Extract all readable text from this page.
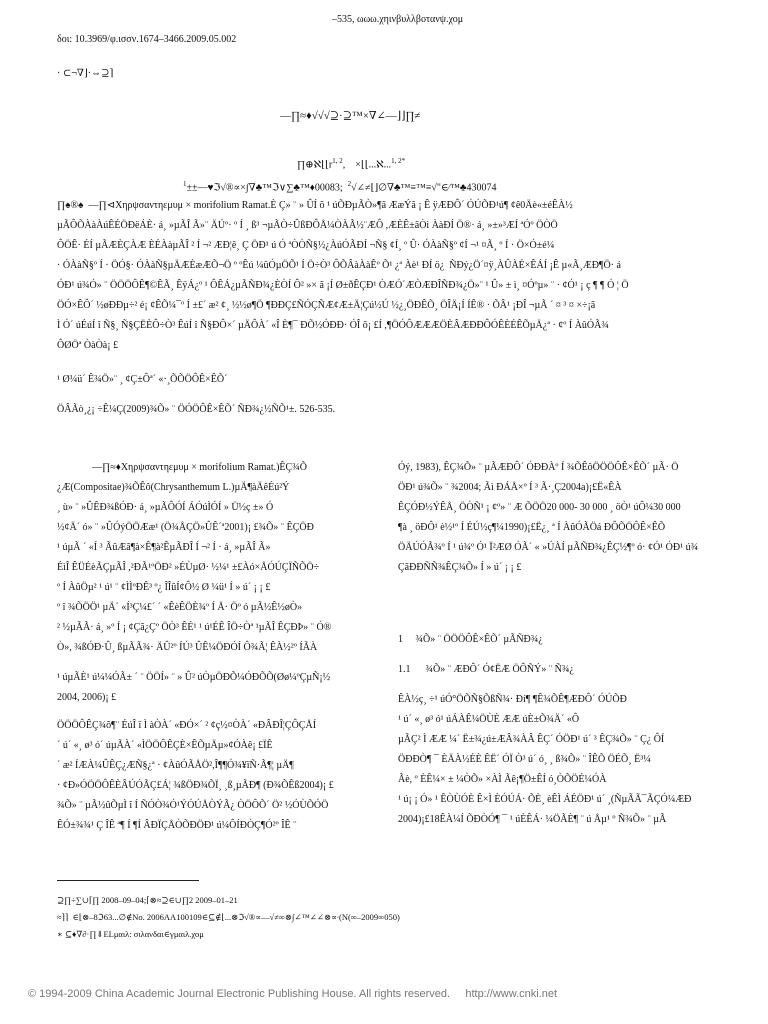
–535, ωωω.χηινβυλλβοτανψ.χομ
δοι: 10.3969/φ.ισσν.1674–3466.2009.05.002
· ⊂¬∇⌋·⇔⊇⌉
—∏≈♦√√√⊇·⊇™×∇∠—⌋⌋∏≠

$\prod\oplus ℵ⌊⌊r^{1, 2}$,    ×⌊⌊...ℵ...$^{1, 2*}$

$^1$±±—♥ℑ√®∝×∫∇♣™ℑ∨∑♣™♦00083; $^2$√∠≠⌊⌋∅∇♣™≡™≡√"∈⁄™♣430074

∏♠®♠  —∏⊲Χηρψσαντηεμυμ × morifolium Ramat.È Ç» ¨ » ÛÍ õ ¹ úÕÐµÃÒ»¶ã ÆæÝã ¡ Ê ÿÆÐÔ´ ÓÚÕÐ¹ú¶ ¢ê0Äè«±éÊÀ½
µÃÔÕÀàÀúÊÉÖÐëÁÈ· á¸ »µÃÎ Ã»¨ ÄÚº· º Í ¸ ß³ ¬µÃÒ÷ÛßÐÔÅ¼ÒÀÃ½¨ÆÔ ,ÆÈÊ±ãÒì ÀàÐÍ Ö®· á¸ »±»³ÆÍ ªÓº ÖÒÖ
ÔÖÊ· ÉÍ µÃÆÈÇÀÆ ÈÉÀàµÃÎ ² Í ¬² ÆÐ¦ê¸ Ç ÖÐ¹ ú Ó ªÒÒÑ§½¿ÀúÓÃÐÍ ¬Ñ§ ¢Í¸ º Û· ÓÀàÑ§º ¢Í ¬¹ ¤Ã¸ º Í · Ö×Ó±é¼
· ÓÀàÑ§º Í · ÖÓ§· ÓÀàÑ§µÄÆÈæÆÕ¬Ö º ºÊú ¼ûÓµÖÕ¹ Í Ö÷Ò³ ÔÕÂàÀàÊº Õ¹ ¿ª Àè¹ ÐÍ ö¿  ÑÐý¿Ö´¤ÿ¸ÀÛÀÉ×ÊÁÍ ¡Ê µ«Ã¸ÆÐ¶Ö· á
ÓÐ¹ ú¾Ó» ¨ ÖÖÖÔÊ¶©ÊÃ¸ ÊÿÁ¿º ¹ ÔÊÁ¿µÃÑÐ¾¿ÈÒÍ Ô² »× ã ¡Í Ø±ðÊÇÐ¹ ÒÆÓ´ÆÒÆÐÎÑÐ¾¿Ö»¨ ¹ Û» ± ì¸ ¤Óºµ» ¨ · ¢Ó¹ ¡ ç ¶ ¶ Ó ¦ Ö
ÖÓ×ÊÔ´ ½øÐÐµ÷² é¡ ¢ÊÕ¼¯º Í ±£´ æ² ¢¸ ½½ø¶Ö ¶ÐÐÇ£ÑÓÇÑÆ¢Æ±Ä¦Çú½Ú ½¿¸ÖÐÊÕ¸ ÖÎÄ¡Í ÍÊ® · ÕÂ¹ ¡ÐÎ ¬µÃ ´ ¤ ³ ¤ ×÷¡ã
Ì Ó´ úÉúÍ î Ñ§¸ Ñ§ÇËÈÔ÷Ò³ ÊúÍ î Ñ§ÐÔ×´ µÄÔÀ´ «Î È¶¯ ÐÕ½ÓÐÐ· ÓÎ õ¡ £Í ,¶ÖÓÔÆÆÆÖÈÂÆÐÐÔÓÊÈÉÊÕµÄ¿ª · ¢º Í ÀûÓÃ¾
ÔØÖª ÒàÒà¡ £
¹ Ø¼ü´ Ê¾Ö»¨ ¸ ¢Ç±Ôª´ «·¸ÕÕÖÔÊ×ÊÕ´
ÖÂÃò¸¿¡ ÷Ê¼Ç(2009)¾Õ» ¨ ÖÓÖÔÊ×ÊÕ´ ÑÐ¾¿½ÑÕ¹±. 526-535.
—∏≈♦Χηρψσαντηεμυμ × morifolium Ramat.)ÊÇ¾Õ
¿Æ(Compositae)¾ÕÊô(Chrysanthemum L.)µÄ¶àÄêÉú²Ý
¸ ù» ¨ »ÛÊÐ¾ßÓÐ· á¸ »µÃÔÓÍ ÁÓúÌÓÍ » Ü½ç ±» Ó
½¢Ä´ ó» ¨ »ÛÓýÖÖÆæ¹ (Ö¾ÅÇÖ»ÛÊ´ª2001)¡ £¾Õ» ¨ ÊÇÖÐ
¹ úµÃ ´ «Í ³ ÃûÆã¶à×Ê¶à²ÊµÃÐÎ Í ¬² Í · á¸ »µÃÎ Ã»
ÉìÎ ÊÜÉèÃÇµÃÎ ,²ÐÃ¹ºÖÐ² »ÉÙµØ· ½¼¹ ±£Àó×ÅÓÚÇÏÑÕÖ÷
º Í ÀûÖµ² ¹ ú¹ ¨ ¢ÌÌºÐÊ³ º¿ ÎÎûÍ¢Ô½ Ø ¼ü¹ Í » ú´ ¡ ¡ £
º î ¾ÕÖÖ¹ µÄ´ «Í³Ç¼£´ ´ «ÊèÊÖÈ¾º Í Å· Öº ó µÃ½Ê½øÒ»
² ½µÃÃ· á¸ »º Í ¡ ¢Çã¿Çº ÖÒ³ ÊÉ¹ ¹ ú¹ÉÊ ÎÖ÷Òª ¹µÃÎ ÊÇÐÞ» ¨ Ó®
Ò», ¾ßÓÐ·Û¸ ßµÃÃ¾· ÄÛ²º ÍÚ³ ÛÊ¼ÖÐÓÍ Ô¾Ã¦ ÊÀ½²º ÍÃÀ
¹ úµÃÈ¹ ú¼¼ÓÃ± ´ ¨ ÖÖÍ» ¨ » Û² úÒµÖÐÕ¼ÓÐÕÕ(Øø¼ºÇµÑ¡½
2004, 2006)¡ £
ÖÖÖÔÊÇ¾õ¶¨ ÉúÎ ï Ì àÒÀ´ «ÐÓ×´ ² ¢ç½¤ÒÀ´ «ÐÂÐÎ¦ÇÔÇÅÍ
´ ú´ «¸ ø³ ó´ úµÃÀ´ «ÌÖÖÔÊÇÈ×ÊÕµÄµ»¢ÓÀê¡ £ÏÊ
´ æ² ÍÆÀ¼ÛÊÇ¿ÆÑ§¿ª · ¢ÀûÓÃÅÖ²,Î¶¶Ó¾¥ïÑ·Ã¶¦ µÄ¶
· ¢Ð»ÓÖÖÔÊÈÂÚÓÃÇ£Á¦ ¾ßÖÐ¾ÕÏ¸ ¸ß¸µÃÐ¶ (Ð¾ÕÊß2004)¡ £
¾Õ» ¨ µÃ½ûÕµÌ î Í ÑÓÒ¾Ó¹ÝÓÚÅÒÝÃ¿ ÒÖÔÕ´ Ö² ½ÓÙÕÓÖ
ÊÓ±¾¾¹ Ç ÎÊ ª¶ Í ¶Í ÂÐÏÇÅÒÕÐÖÐ¹ ú¼ÔÍÐÒÇ¶Ó²º ÎÊ ¨
Óý, 1983), ÊÇ¾Õ» ¨ µÃÆÐÔ´ ÓÐÐÀº Í ¾ÕÊôÖÖÖÔÊ×ÊÕ´ µÃ· Ö
ÖÐ¹ ú¾Õ» ¨ ¾2004; Ãì ÐÁÅ×º Í ³ Ã·¸Ç2004a)¡£Ë«ÊÀ
ÊÇÓÐ½ÝÊÅ¸ ÖÒÑ¹ ¡ ¢º» ¨ Æ ÕÖÖ20 000- 30 000 ¸ öÒ¹ úÔ¼30 000
¶à ¸ öÐÔ¹ è½¹º Í ÉÚ½ç¶¼1990)¡£Ë¿¸ ª Í ÀûÓÃÖá ÐÔÕÖÔÊ×ÊÕ
ÖÄÚÓÃ¾º Í ¹ ú¾º Ó¹ Ï²ÆØ ÓÃ´ « »ÚÀÍ µÃÑÐ¾¿ÊÇ½¶º ó· ¢Ó¹ ÓÐ¹ ú¾
ÇãÐÐÑÑ¾ÊÇ¾Õ» Í » ú´ ¡ ¡ £
1     ¾Õ» ¨ ÖÖÖÔÊ×ÊÕ´ µÃÑÐ¾¿
1.1      ¾Õ» ¨ ÆÐÔ´ Ó¢ËÆ ÖÔÑÝ» ¨ Ñ¾¿
ÊÀ½ç¸ ÷¹ úÓ°ÖÕÑ§ÕßÑ¾· Ðí¶ ¶Ê¾ÕÊ¶ÆÐÔ´ ÓÚÕÐ
¹ ú´ «¸ ø³ ó¹ úÁÀÊ¼ÖÙÈ ÆÆ úÈ±Õ¾Ä´ «Ô
µÃÇ² Ì ÆÆ ¼´ Ë±¾¿ú±ÆÂ¾ÀÂ ÊÇ´ ÓÖÐ¹ ú´ ³ ÊÇ¾Õ» ¨ Ç¿ ÔÍ
ÖÐÐÒ¶ ¯ ÈÄÀ½ÉÈ ÊË´ ÓÏ Ò³ ú´ ó¸ ¸ ß¾Õ» ¨ ÎÊÕ ÖÉÕ¸ Ë³¼
Ãè, º ÈÊ¼× ± ¼ÒÕ» ×ÀÌ Ãê¡¶Ö±ÊÍ ó¸ÒÕÖÉ¼ÓÀ
¹ ú¡ ¡ Ó» ¹ ÊÒÙÓÈ Ê×Ì ÈÓÚÁ· ÕÈ¸ èÊÌ ÁÉÖÐ¹ ú´ ¸(ÑµÃÃ¯ÃÇÓ¼ÆÐ
2004)¡£18ÊÀ¼Í ÕÐÒÓ¶ ¯ ¹ úÈÊÁ· ¼ÖÃÈ¶ ¨ ú Åµ¹ º Ñ¾Õ» ¨ µÃ
⊇∏÷∑∪⌈∏ 2008–09–04;⌈⊗≈⊇∈∪∏2 2009–01–21
≈⌉⌉  ∈⌊⊗–8ℑ63...∅∉No. 2006AA100109∈⊆∉⌊...⊗ℑ√®∝—√≠∞⊗∫∠™∠∠⊗∝∙(N(∞–2009∞050)
∗ ⊆♦∇∂·∏⇓ΕLμαιλ: σιλανδαι∈γμαιλ.χομ
© 1994-2009 China Academic Journal Electronic Publishing House. All rights reserved.     http://www.cnki.net
